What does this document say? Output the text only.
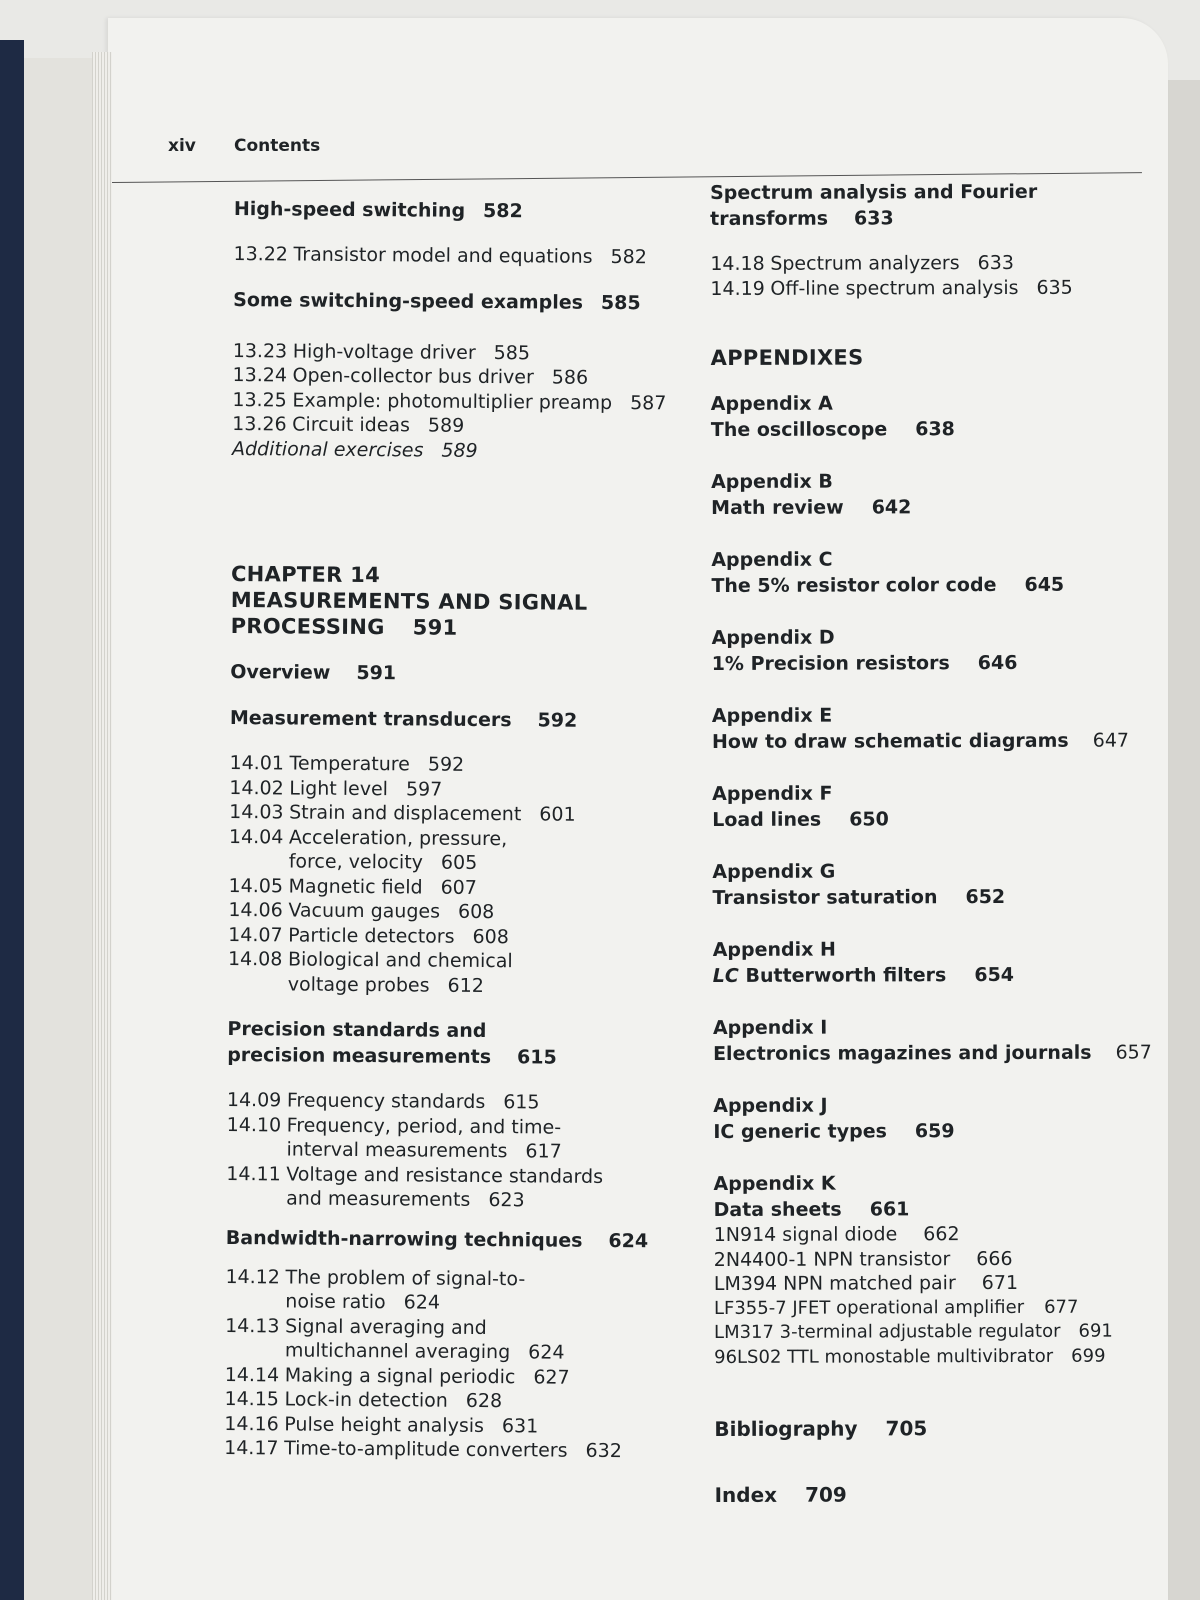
xiv Contents
High-speed switching 582
13.22 Transistor model and equations 582
Some switching-speed examples 585
13.23 High-voltage driver 585
13.24 Open-collector bus driver 586
13.25 Example: photomultiplier preamp 587
13.26 Circuit ideas 589
Additional exercises 589
CHAPTER 14
MEASUREMENTS AND SIGNAL
PROCESSING 591
Overview 591
Measurement transducers 592
14.01 Temperature 592
14.02 Light level 597
14.03 Strain and displacement 601
14.04 Acceleration, pressure, force, velocity 605
14.05 Magnetic field 607
14.06 Vacuum gauges 608
14.07 Particle detectors 608
14.08 Biological and chemical voltage probes 612
Precision standards and precision measurements 615
14.09 Frequency standards 615
14.10 Frequency, period, and time-interval measurements 617
14.11 Voltage and resistance standards and measurements 623
Bandwidth-narrowing techniques 624
14.12 The problem of signal-to-noise ratio 624
14.13 Signal averaging and multichannel averaging 624
14.14 Making a signal periodic 627
14.15 Lock-in detection 628
14.16 Pulse height analysis 631
14.17 Time-to-amplitude converters 632
Spectrum analysis and Fourier transforms 633
14.18 Spectrum analyzers 633
14.19 Off-line spectrum analysis 635
APPENDIXES
Appendix A
The oscilloscope 638
Appendix B
Math review 642
Appendix C
The 5% resistor color code 645
Appendix D
1% Precision resistors 646
Appendix E
How to draw schematic diagrams 647
Appendix F
Load lines 650
Appendix G
Transistor saturation 652
Appendix H
LC Butterworth filters 654
Appendix I
Electronics magazines and journals 657
Appendix J
IC generic types 659
Appendix K
Data sheets 661
1N914 signal diode 662
2N4400-1 NPN transistor 666
LM394 NPN matched pair 671
LF355-7 JFET operational amplifier 677
LM317 3-terminal adjustable regulator 691
96LS02 TTL monostable multivibrator 699
Bibliography 705
Index 709
